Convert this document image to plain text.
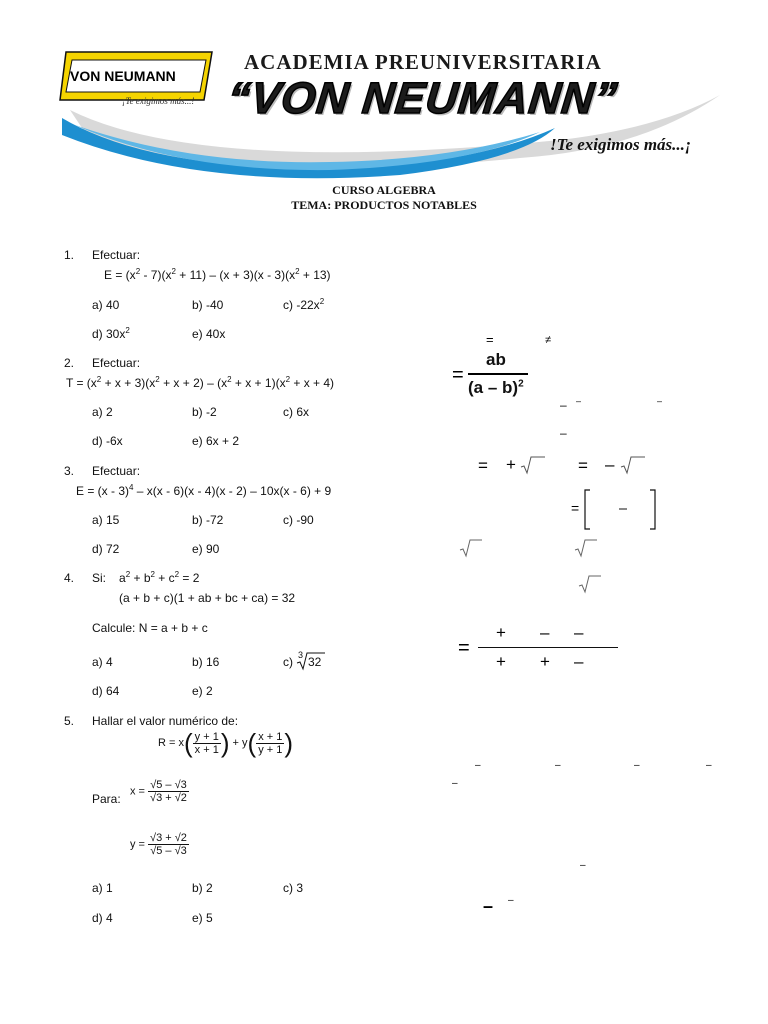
VON NEUMANN
¡Te exigimos más...!
ACADEMIA PREUNIVERSITARIA
“VON NEUMANN”
!Te exigimos más...¡
CURSO ALGEBRA
TEMA: PRODUCTOS NOTABLES
1. Efectuar:
$E = (x^2 - 7)(x^2 + 11) - (x + 3)(x - 3)(x^2 + 13)$
a) 40	b) -40	c) $-22x^2$
d) $30x^2$	e) 40x
2. Efectuar:
$T = (x^2 + x + 3)(x^2 + x + 2) - (x^2 + x + 1)(x^2 + x + 4)$
a) 2	b) -2	c) 6x
d) -6x	e) 6x + 2
3. Efectuar:
E = (x - 3)$^4$ – x(x - 6)(x - 4)(x - 2) – 10x(x - 6) + 9
a) 15	b) -72	c) -90
d) 72	e) 90
4. Si: $a^2 + b^2 + c^2 = 2$
(a + b + c)(1 + ab + bc + ca) = 32
Calcule: N = a + b + c
a) 4	b) 16	c) 3 32
d) 64	e) 2
5. Hallar el valor numérico de:
$R = x( \frac{y + 1}{x + 1}$ ) + $y( \frac{x + 1}{y + 1}$ )
Para:
$x = \frac{√5 - √3}{√3 + √2}$
$y = \frac{√3 + √2}{√5 - √3}$
a) 1	b) 2	c) 3
d) 4	e) 5
=	≠
=
ab
(a – b)$^2$
– –	–
–
= +	= –
=
=
+ – –
+ + –
–	–	–	–
–
–
– –
